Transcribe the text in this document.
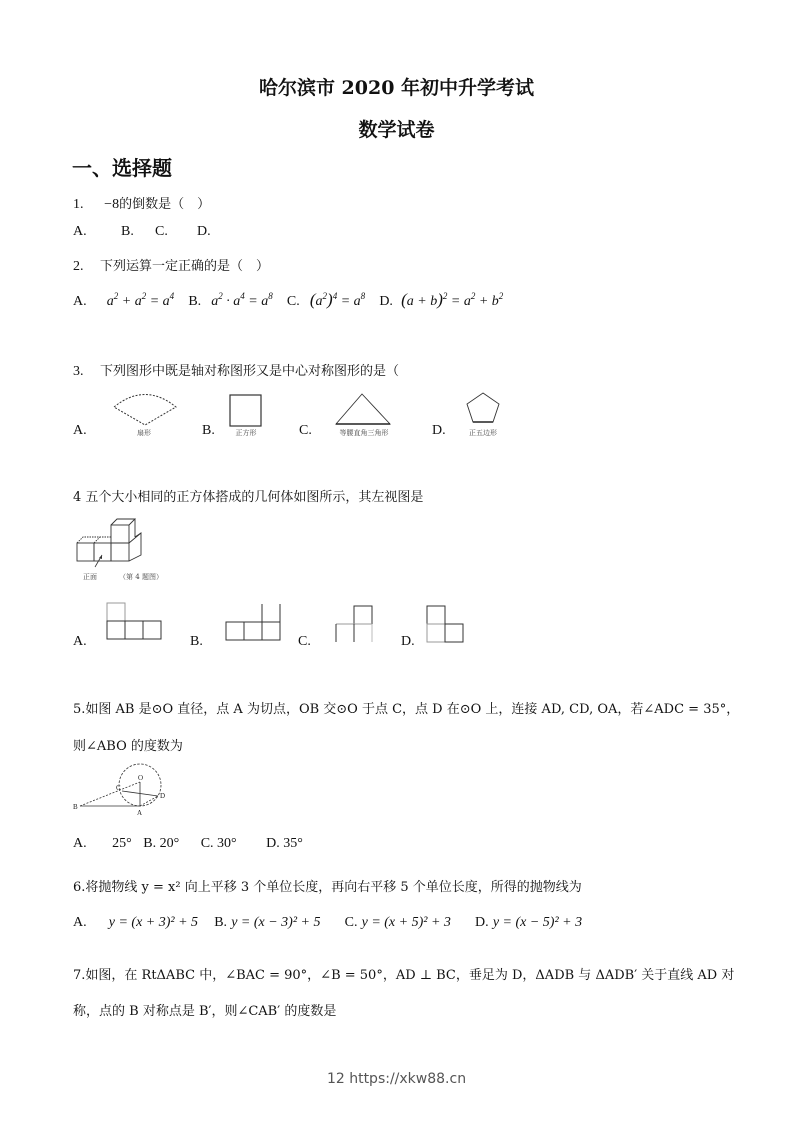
哈尔滨市 2020 年初中升学考试
数学试卷
一、选择题
1. −8的倒数是（　）
A. B. C. D.
2. 下列运算一定正确的是（　）
A. $a^2 + a^2 = a^4$ B. $a^2 \cdot a^4 = a^8$ C. $(a^2)^4 = a^8$ D. $(a + b)^2 = a^2 + b^2$
3. 下列图形中既是轴对称图形又是中心对称图形的是（
A.	扇形	B.	正方形	C.	等腰直角三角形	D.	正五边形
4 五个大小相同的正方体搭成的几何体如图所示，其左视图是
正面	（第 4 题图）
A.	B.	C.	D.
5.如图 AB 是⊙O 直径，点 A 为切点，OB 交⊙O 于点 C，点 D 在⊙O 上，连接 AD, CD, OA，若∠ADC = 35°，
则∠ABO 的度数为
O
C
B
A
D
A. 25° B. 20° C. 30° D. 35°
6.将抛物线 y = x² 向上平移 3 个单位长度，再向右平移 5 个单位长度，所得的抛物线为
A. y = (x + 3)² + 5 B. y = (x − 3)² + 5 C. y = (x + 5)² + 3 D. y = (x − 5)² + 3
7.如图，在 RtΔABC 中，∠BAC = 90°，∠B = 50°，AD ⊥ BC，垂足为 D，ΔADB 与 ΔADB′ 关于直线 AD 对
称，点的 B 对称点是 B′，则∠CAB′ 的度数是
12 https://xkw88.cn
